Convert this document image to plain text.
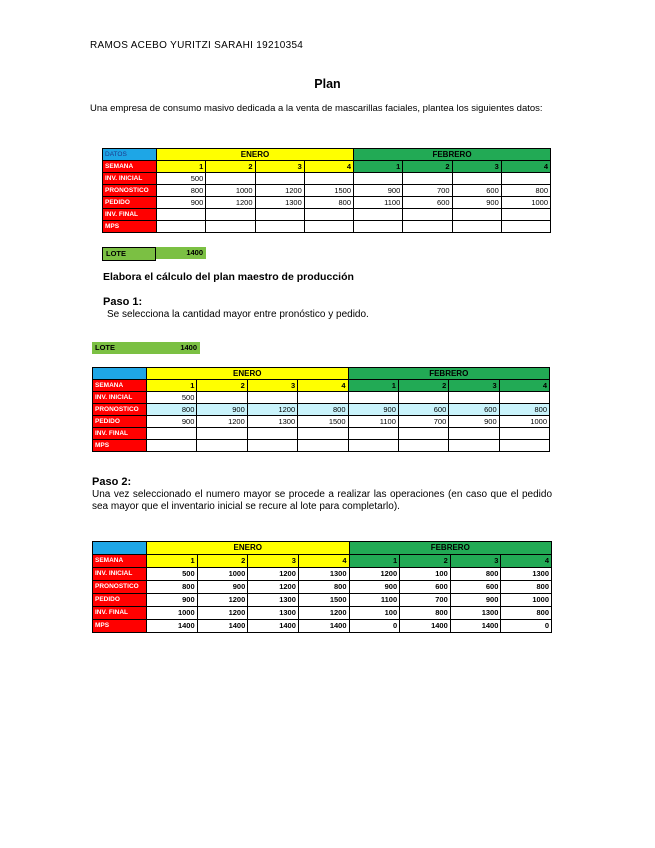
RAMOS ACEBO YURITZI SARAHI 19210354
Plan
Una empresa de consumo masivo dedicada a la venta de mascarillas faciales, plantea los siguientes datos:
DATOS	ENERO				FEBRERO			
SEMANA	1	2	3	4	1	2	3	4
INV. INICIAL	500							
PRONOSTICO	800	1000	1200	1500	900	700	600	800
PEDIDO	900	1200	1300	800	1100	600	900	1000
INV. FINAL								
MPS								
LOTE	1400
Elabora el cálculo del plan maestro de producción
Paso 1:
Se selecciona la cantidad mayor entre pronóstico y pedido.
LOTE	1400
	ENERO				FEBRERO			
SEMANA	1	2	3	4	1	2	3	4
INV. INICIAL	500							
PRONOSTICO	800	900	1200	800	900	600	600	800
PEDIDO	900	1200	1300	1500	1100	700	900	1000
INV. FINAL								
MPS								
Paso 2:
Una vez seleccionado el numero mayor se procede a realizar las operaciones (en caso que el pedido sea mayor que el inventario inicial se recure al lote para completarlo).
	ENERO				FEBRERO			
SEMANA	1	2	3	4	1	2	3	4
INV. INICIAL	500	1000	1200	1300	1200	100	800	1300
PRONOSTICO	800	900	1200	800	900	600	600	800
PEDIDO	900	1200	1300	1500	1100	700	900	1000
INV. FINAL	1000	1200	1300	1200	100	800	1300	800
MPS	1400	1400	1400	1400	0	1400	1400	0
